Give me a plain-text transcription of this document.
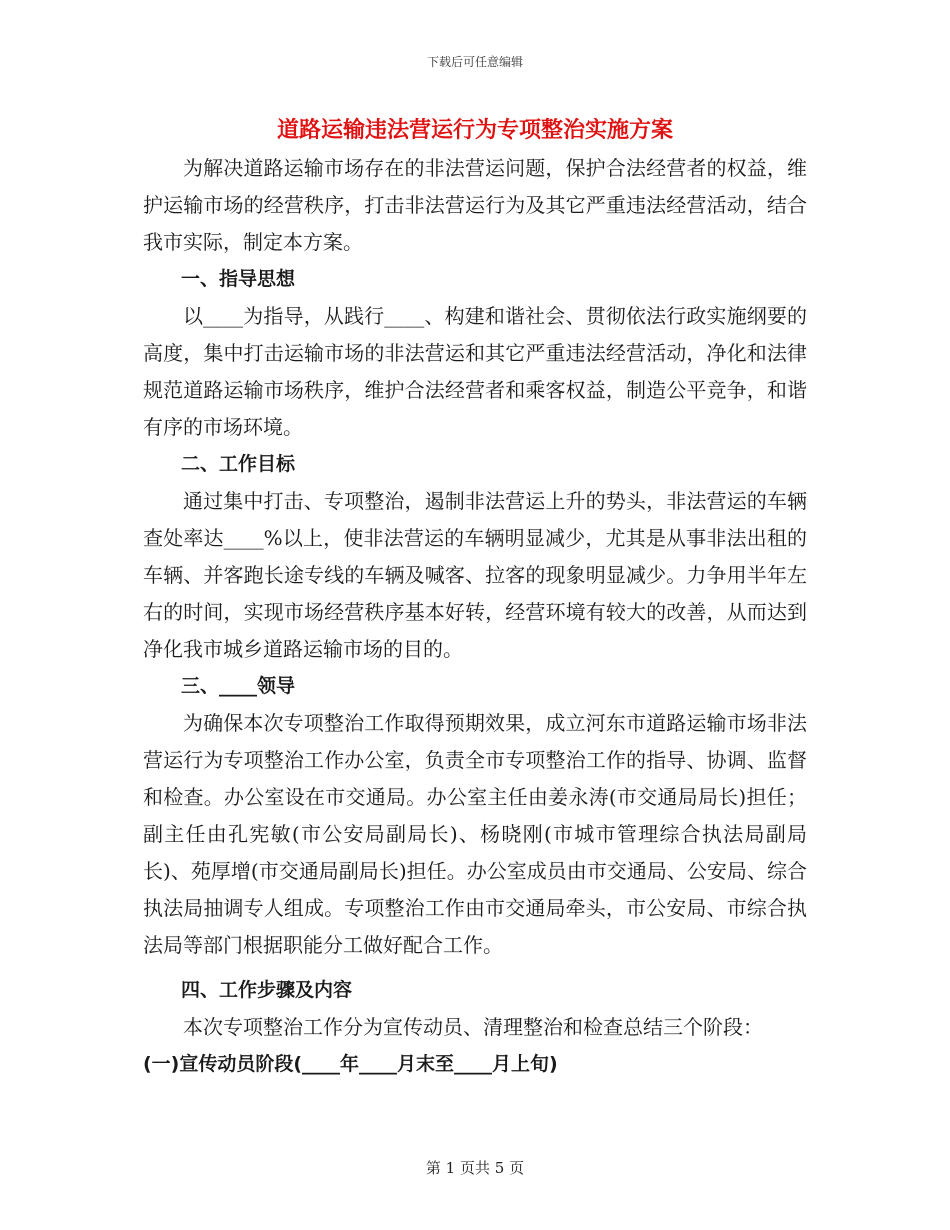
下载后可任意编辑
道路运输违法营运行为专项整治实施方案

为解决道路运输市场存在的非法营运问题，保护合法经营者的权益，维护运输市场的经营秩序，打击非法营运行为及其它严重违法经营活动，结合我市实际，制定本方案。

一、指导思想

以____为指导，从践行____、构建和谐社会、贯彻依法行政实施纲要的高度，集中打击运输市场的非法营运和其它严重违法经营活动，净化和法律规范道路运输市场秩序，维护合法经营者和乘客权益，制造公平竞争，和谐有序的市场环境。

二、工作目标

通过集中打击、专项整治，遏制非法营运上升的势头，非法营运的车辆查处率达____%以上，使非法营运的车辆明显减少，尤其是从事非法出租的车辆、并客跑长途专线的车辆及喊客、拉客的现象明显减少。力争用半年左右的时间，实现市场经营秩序基本好转，经营环境有较大的改善，从而达到净化我市城乡道路运输市场的目的。

三、____领导

为确保本次专项整治工作取得预期效果，成立河东市道路运输市场非法营运行为专项整治工作办公室，负责全市专项整治工作的指导、协调、监督和检查。办公室设在市交通局。办公室主任由姜永涛(市交通局局长)担任；副主任由孔宪敏(市公安局副局长)、杨晓刚(市城市管理综合执法局副局长)、苑厚增(市交通局副局长)担任。办公室成员由市交通局、公安局、综合执法局抽调专人组成。专项整治工作由市交通局牵头，市公安局、市综合执法局等部门根据职能分工做好配合工作。

四、工作步骤及内容

本次专项整治工作分为宣传动员、清理整治和检查总结三个阶段：

(一)宣传动员阶段(____年____月末至____月上旬)

第 1 页共 5 页
